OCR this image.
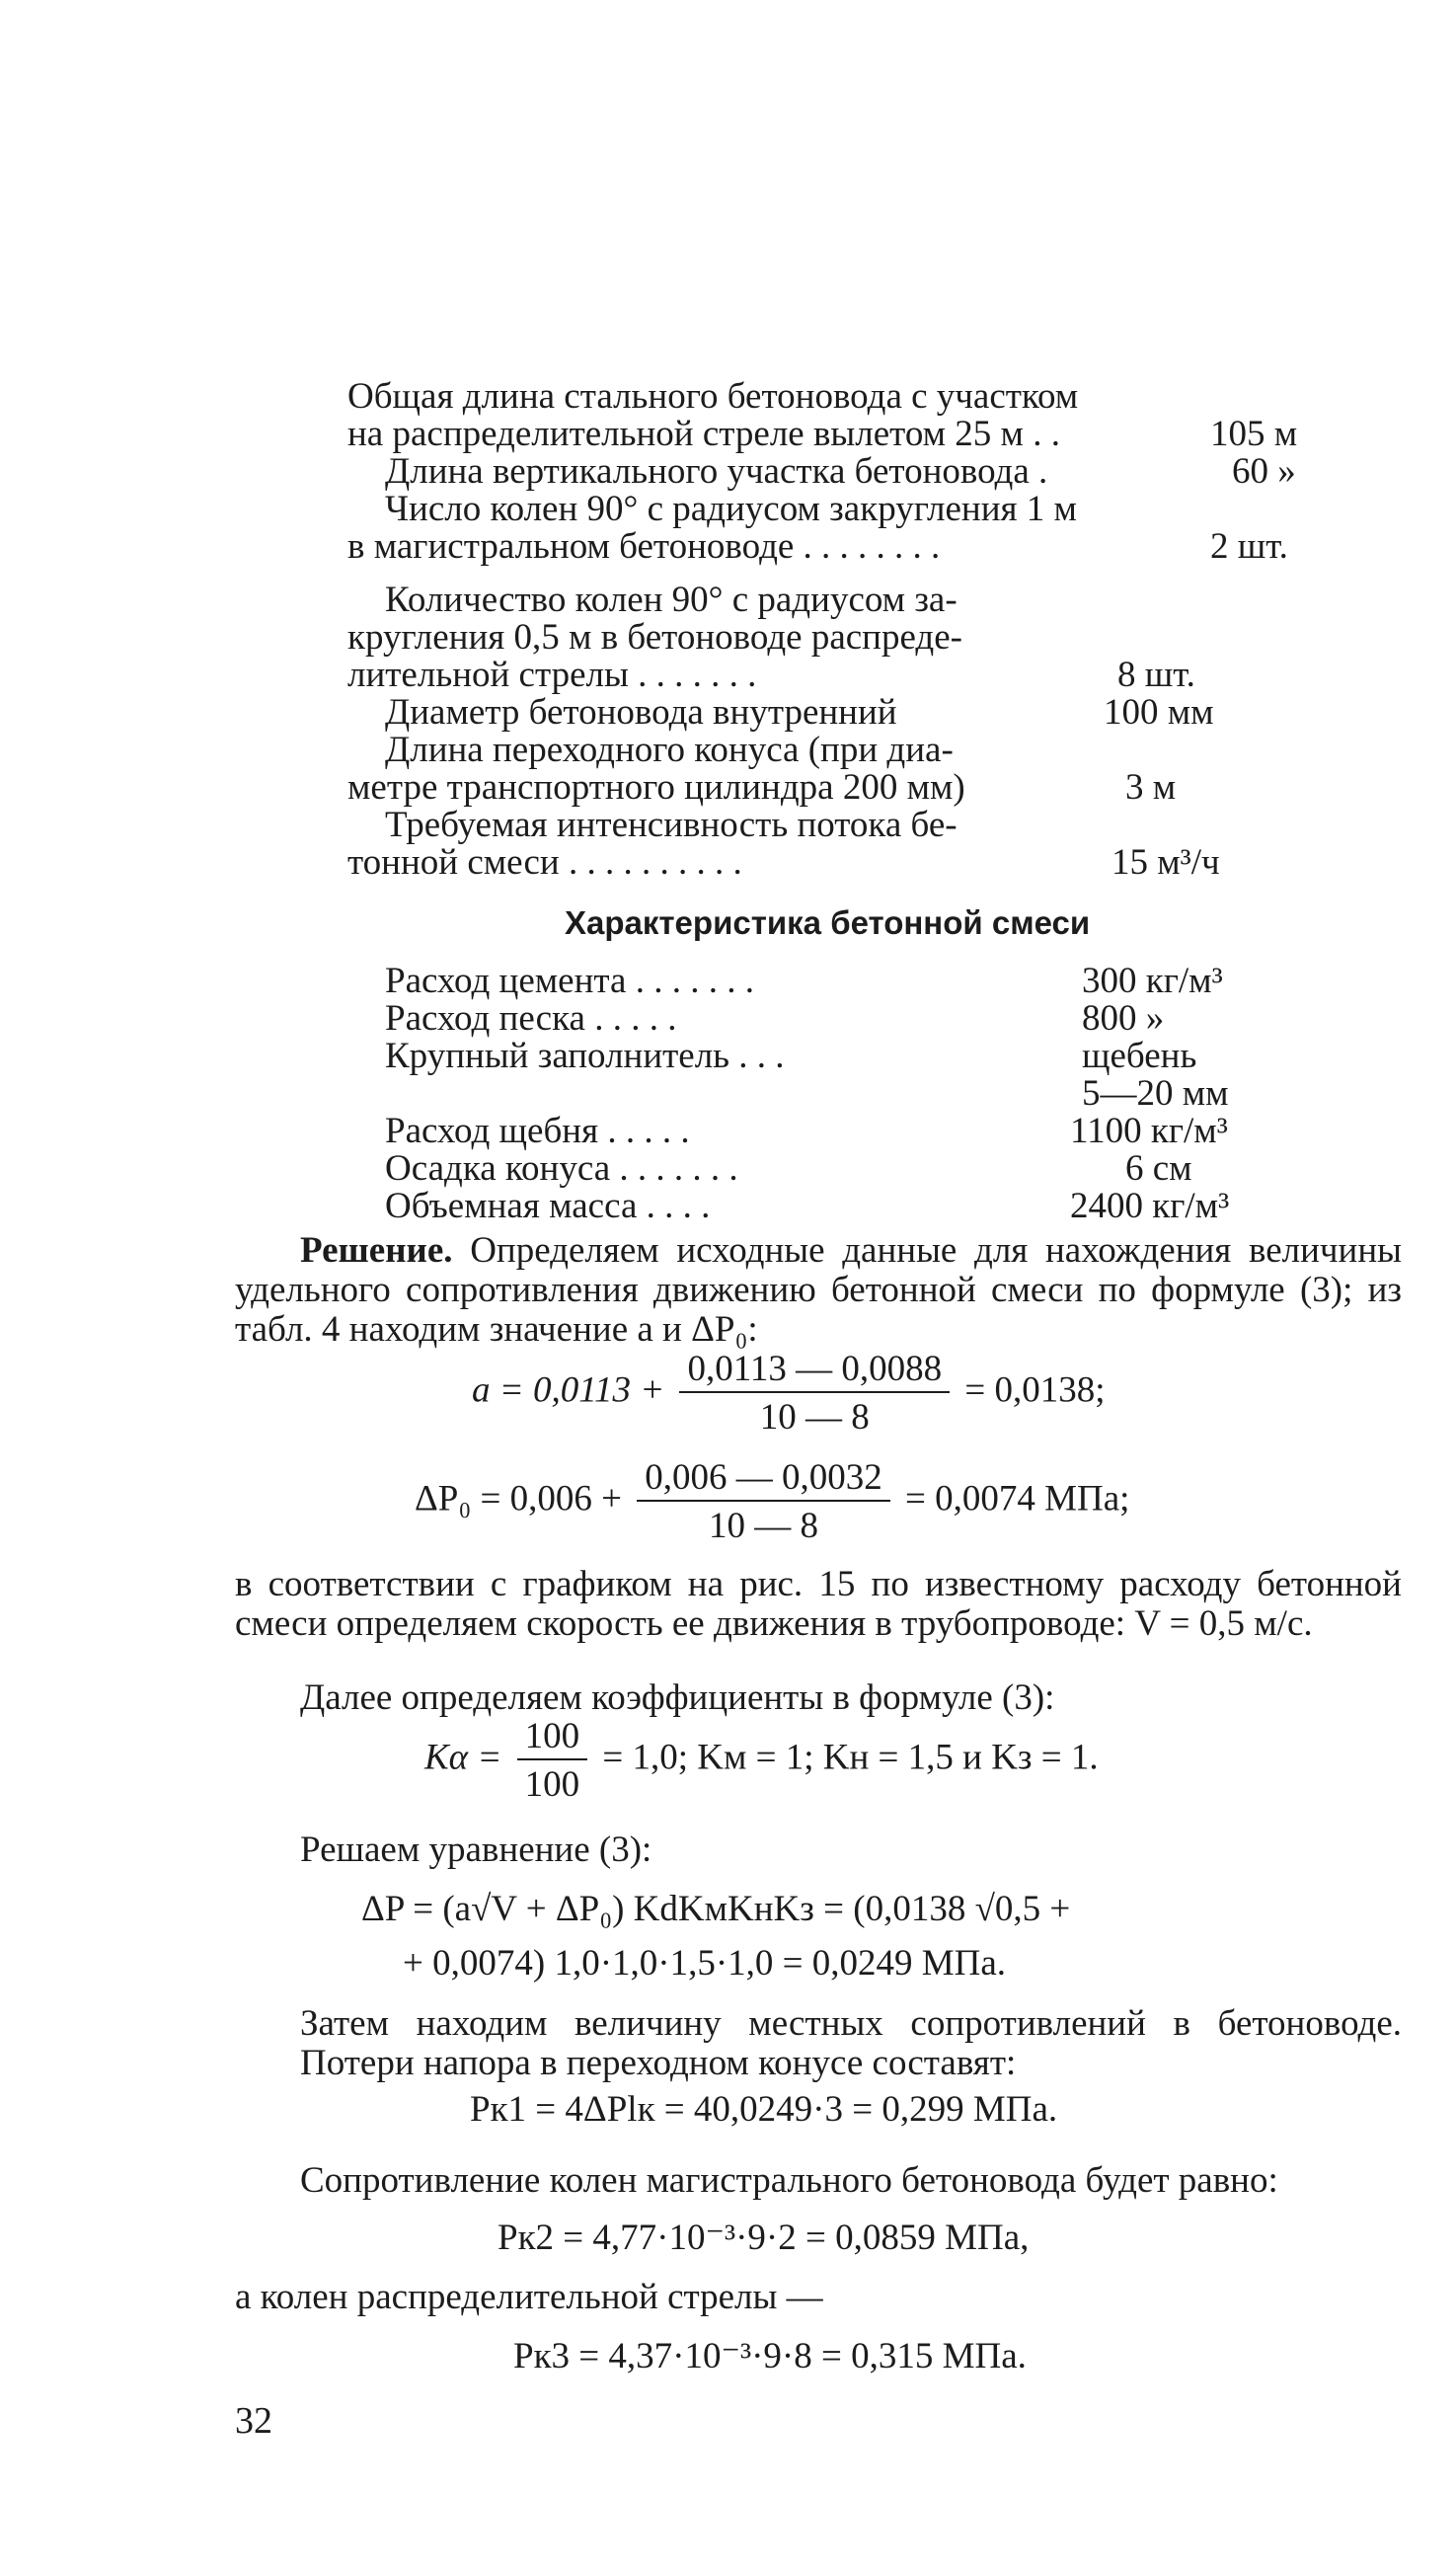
Общая длина стального бетоновода с участком
на распределительной стреле вылетом 25 м . .	105 м
Длина вертикального участка бетоновода .	60 »
Число колен 90° с радиусом закругления 1 м
в магистральном бетоноводе . . . . . . . .	2 шт.
Количество колен 90° с радиусом за-
кругления 0,5 м в бетоноводе распреде-
лительной стрелы . . . . . . .	8 шт.
Диаметр бетоновода внутренний	100 мм
Длина переходного конуса (при диа-
метре транспортного цилиндра 200 мм)	3 м
Требуемая интенсивность потока бе-
тонной смеси . . . . . . . . . .	15 м³/ч
Характеристика бетонной смеси
Расход цемента . . . . . . .	300 кг/м³
Расход песка . . . . .	800 »
Крупный заполнитель . . .	щебень
5—20 мм
Расход щебня . . . . .	1100 кг/м³
Осадка конуса . . . . . . .	6 см
Объемная масса . . . .	2400 кг/м³
Решение. Определяем исходные данные для нахождения величины удельного сопротивления движению бетонной смеси по формуле (3); из табл. 4 находим значение a и ΔP₀:
$a = 0,0113 + \frac{0,0113 — 0,0088}{10 — 8} = 0,0138$;
$\Delta P_0 = 0,006 + \frac{0,006 — 0,0032}{10 — 8} = 0,0074$ МПа;
в соответствии с графиком на рис. 15 по известному расходу бетонной смеси определяем скорость ее движения в трубопроводе: V = 0,5 м/с.
Далее определяем коэффициенты в формуле (3):
$K\alpha = \frac{100}{100} = 1,0$; Kм = 1; Kн = 1,5 и Kз = 1.
Решаем уравнение (3):
ΔP = (a√V + ΔP₀) KdKмKнKз = (0,0138 √0,5 +
+ 0,0074) 1,0·1,0·1,5·1,0 = 0,0249 МПа.
Затем находим величину местных сопротивлений в бетоноводе. Потери напора в переходном конусе составят:
Pк1 = 4ΔPlк = 40,0249·3 = 0,299 МПа.
Сопротивление колен магистрального бетоновода будет равно:
Pк2 = 4,77·10⁻³·9·2 = 0,0859 МПа,
а колен распределительной стрелы —
Pк3 = 4,37·10⁻³·9·8 = 0,315 МПа.
32
